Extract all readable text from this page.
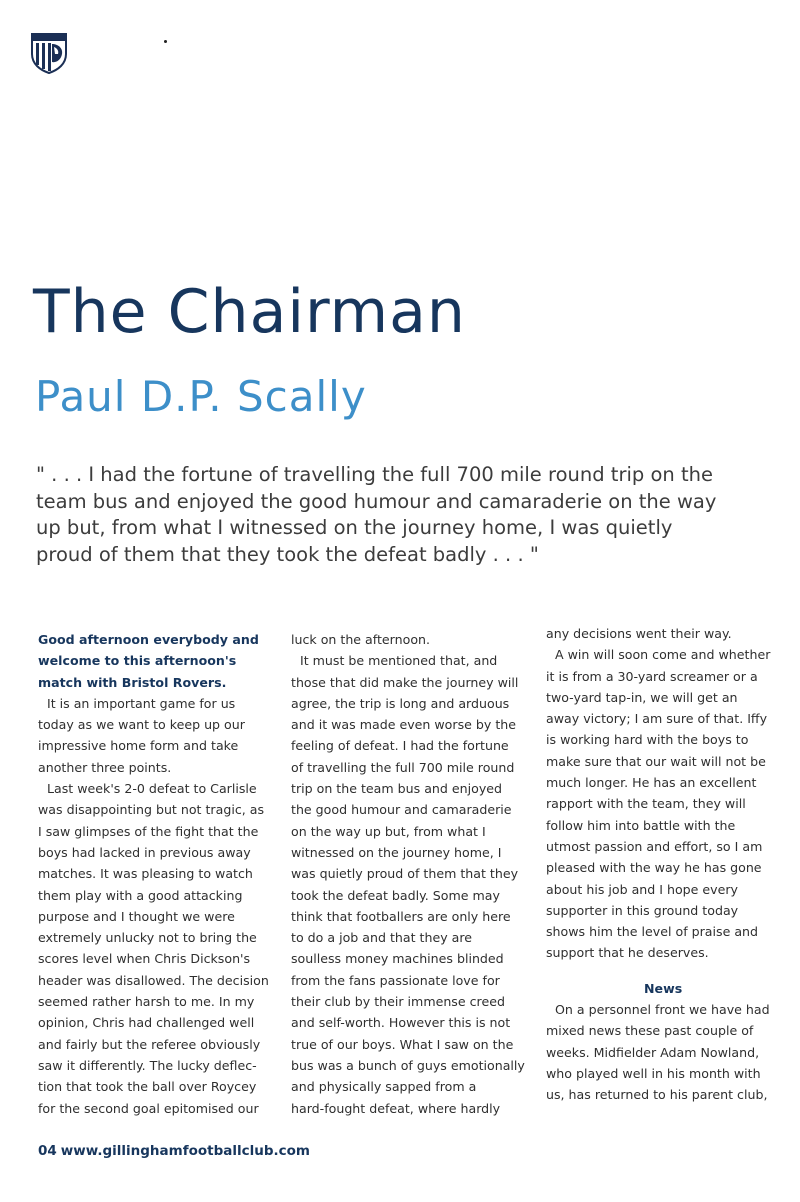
The Chairman
Paul D.P. Scally
" . . . I had the fortune of travelling the full 700 mile round trip on the
team bus and enjoyed the good humour and camaraderie on the way
up but, from what I witnessed on the journey home, I was quietly
proud of them that they took the defeat badly . . . "
Good afternoon everybody and
welcome to this afternoon's
match with Bristol Rovers.
It is an important game for us
today as we want to keep up our
impressive home form and take
another three points.
Last week's 2-0 defeat to Carlisle
was disappointing but not tragic, as
I saw glimpses of the fight that the
boys had lacked in previous away
matches. It was pleasing to watch
them play with a good attacking
purpose and I thought we were
extremely unlucky not to bring the
scores level when Chris Dickson's
header was disallowed. The decision
seemed rather harsh to me. In my
opinion, Chris had challenged well
and fairly but the referee obviously
saw it differently. The lucky deflec-
tion that took the ball over Roycey
for the second goal epitomised our
luck on the afternoon.
It must be mentioned that, and
those that did make the journey will
agree, the trip is long and arduous
and it was made even worse by the
feeling of defeat. I had the fortune
of travelling the full 700 mile round
trip on the team bus and enjoyed
the good humour and camaraderie
on the way up but, from what I
witnessed on the journey home, I
was quietly proud of them that they
took the defeat badly. Some may
think that footballers are only here
to do a job and that they are
soulless money machines blinded
from the fans passionate love for
their club by their immense creed
and self-worth. However this is not
true of our boys. What I saw on the
bus was a bunch of guys emotionally
and physically sapped from a
hard-fought defeat, where hardly
any decisions went their way.
A win will soon come and whether
it is from a 30-yard screamer or a
two-yard tap-in, we will get an
away victory; I am sure of that. Iffy
is working hard with the boys to
make sure that our wait will not be
much longer. He has an excellent
rapport with the team, they will
follow him into battle with the
utmost passion and effort, so I am
pleased with the way he has gone
about his job and I hope every
supporter in this ground today
shows him the level of praise and
support that he deserves.
News
On a personnel front we have had
mixed news these past couple of
weeks. Midfielder Adam Nowland,
who played well in his month with
us, has returned to his parent club,
04 www.gillinghamfootballclub.com
